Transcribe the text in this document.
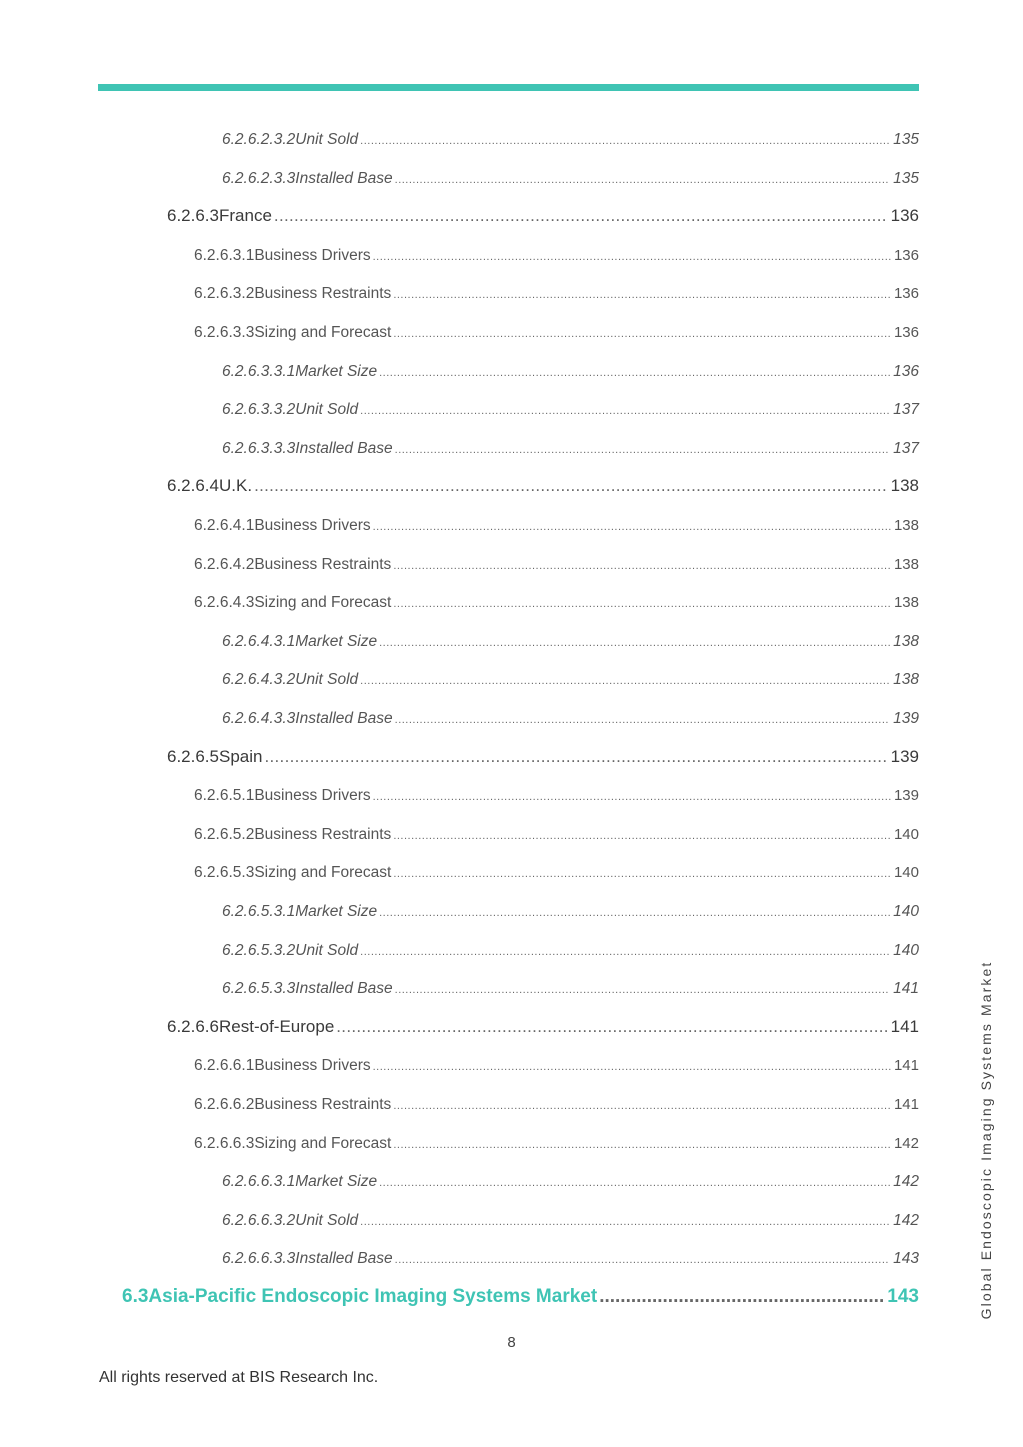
6.2.6.2.3.2 Unit Sold .....	135
6.2.6.2.3.3 Installed Base .....	135
6.2.6.3 France .....	136
6.2.6.3.1 Business Drivers .....	136
6.2.6.3.2 Business Restraints .....	136
6.2.6.3.3 Sizing and Forecast .....	136
6.2.6.3.3.1 Market Size .....	136
6.2.6.3.3.2 Unit Sold .....	137
6.2.6.3.3.3 Installed Base .....	137
6.2.6.4 U.K. .....	138
6.2.6.4.1 Business Drivers .....	138
6.2.6.4.2 Business Restraints .....	138
6.2.6.4.3 Sizing and Forecast .....	138
6.2.6.4.3.1 Market Size .....	138
6.2.6.4.3.2 Unit Sold .....	138
6.2.6.4.3.3 Installed Base .....	139
6.2.6.5 Spain .....	139
6.2.6.5.1 Business Drivers .....	139
6.2.6.5.2 Business Restraints .....	140
6.2.6.5.3 Sizing and Forecast .....	140
6.2.6.5.3.1 Market Size .....	140
6.2.6.5.3.2 Unit Sold .....	140
6.2.6.5.3.3 Installed Base .....	141
6.2.6.6 Rest-of-Europe .....	141
6.2.6.6.1 Business Drivers .....	141
6.2.6.6.2 Business Restraints .....	141
6.2.6.6.3 Sizing and Forecast .....	142
6.2.6.6.3.1 Market Size .....	142
6.2.6.6.3.2 Unit Sold .....	142
6.2.6.6.3.3 Installed Base .....	143
6.3 Asia-Pacific Endoscopic Imaging Systems Market .....	143
8
All rights reserved at BIS Research Inc.
Global Endoscopic Imaging Systems Market
